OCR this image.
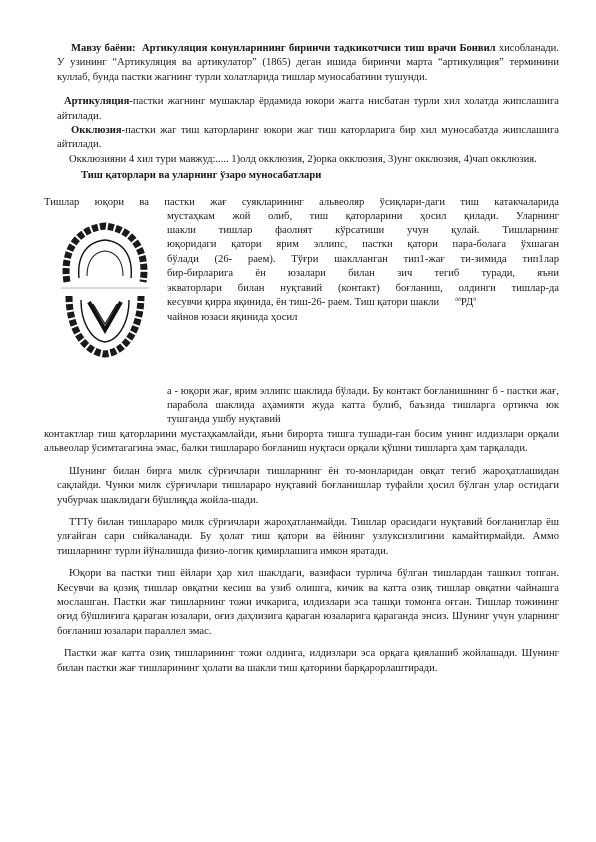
Мавзу баёни: Артикуляция конунларининг биринчи тадкикотчиси тиш врачи Бонвил хисобланади. У узининг “Артикуляция ва артикулатор” (1865) деган ишида биринчи марта “артикуляция” терминини куллаб, бунда пастки жагнинг турли холатларида тишлар муносабатини тушунди.

Артикуляция-пастки жагнинг мушаклар ёрдамида юкори жагга нисбатан турли хил холатда жипслашига айтилади.

Окклюзия-пастки жаг тиш каторларинг юкори жаг тиш каторларига бир хил муносабатда жипслашига айтилади.

Окклюзияни 4 хил тури мавжуд:..... 1)олд окклюзия, 2)орка окклюзия, 3)унг окклюзия, 4)чап окклюзия.

Тиш қаторлари ва уларнинг ўзаро муносабатлари

Тишлар юқори ва пастки жағ суякларининг альвеоляр ўсиқлари-даги тиш катакчаларида
мустаҳкам жой олиб, тиш қаторларини ҳосил қилади. Уларнинг
шакли тишлар фаолият кўрсатиши учун қулай. Тишларнинг
юқоридаги қатори ярим эллипс, пастки қатори пара-болага ўхшаган
бўлади (26- раем). Тўғри шаклланган тип1-жағ ти-зимида тип1лар
бир-бирларига ён юзалари билан зич тегиб туради, яъни
экваторлари билан нуқтавий (контакт) боғланиш, олдинги тишлар-да
кесувчи қирра яқинида, ён тиш-26- раем. Тиш қатори шакли $^{аа}РД^а$
чайнов юзаси яқинида ҳосил

а - юқори жағ, ярим эллипс шаклида бўлади. Бу контакт боғланишнинг б - пастки жағ, парабола шаклида аҳамияти жуда катта булиб, баъзида тишларга ортикча юк тушганда ушбу нуқтавий

контактлар тиш қаторларини мустаҳкамлайди, яъни бирорта тишга тушади-ган босим унинг илдизлари орқали альвеолар ўсимтагагина эмас, балки тишлараро боғланиш нуқтаси орқали қўшни тишларга ҳам тарқалади.

Шунинг билан бирга милк сўрғичлари тишларнинг ён то-монларидан овқат тегиб жароҳатлашидан сақлайди. Чунки милк сўрғичлари тишлараро нуқтавий боғланишлар туфайли ҳосил бўлган улар остидаги учбурчак шаклидаги бўшлиқда жойла-шади.

ТТТу билан тишлараро милк сўрғичлари жароҳатланмайди. Тишлар орасидаги нуқтавий боғланиглар ёш улғайган сари сийкаланади. Бу ҳолат тиш қатори ва ёйнинг узлуксизлигини камайтирмайди. Аммо тишларнинг турли йўналишда физио-логик қимирлашига имкон яратади.

Юқори ва пастки тиш ёйлари ҳар хил шаклдаги, вазифаси турлича бўлган тишлардан ташкил топган. Кесувчи ва қозиқ тишлар овқатни кесиш ва узиб олишга, кичик ва катта озиқ тишлар овқатни чайнашга мослашган. Пастки жағ тишларнинг тожи ичкарига, илдизлари эса ташқи томонга оғган. Тишлар тожининг оғид бўшлиғига қараган юзалари, оғиз даҳлизига қараган юзаларига қараганда энсиз. Шунинг учун уларнинг боғланиш юзалари параллел эмас.

Пастки жағ катта озиқ тишларининг тожи олдинга, илдизлари эса орқага қиялашиб жойлашади. Шунинг билан пастки жағ тишларининг ҳолати ва шакли тиш қаторини барқарорлаштиради.
